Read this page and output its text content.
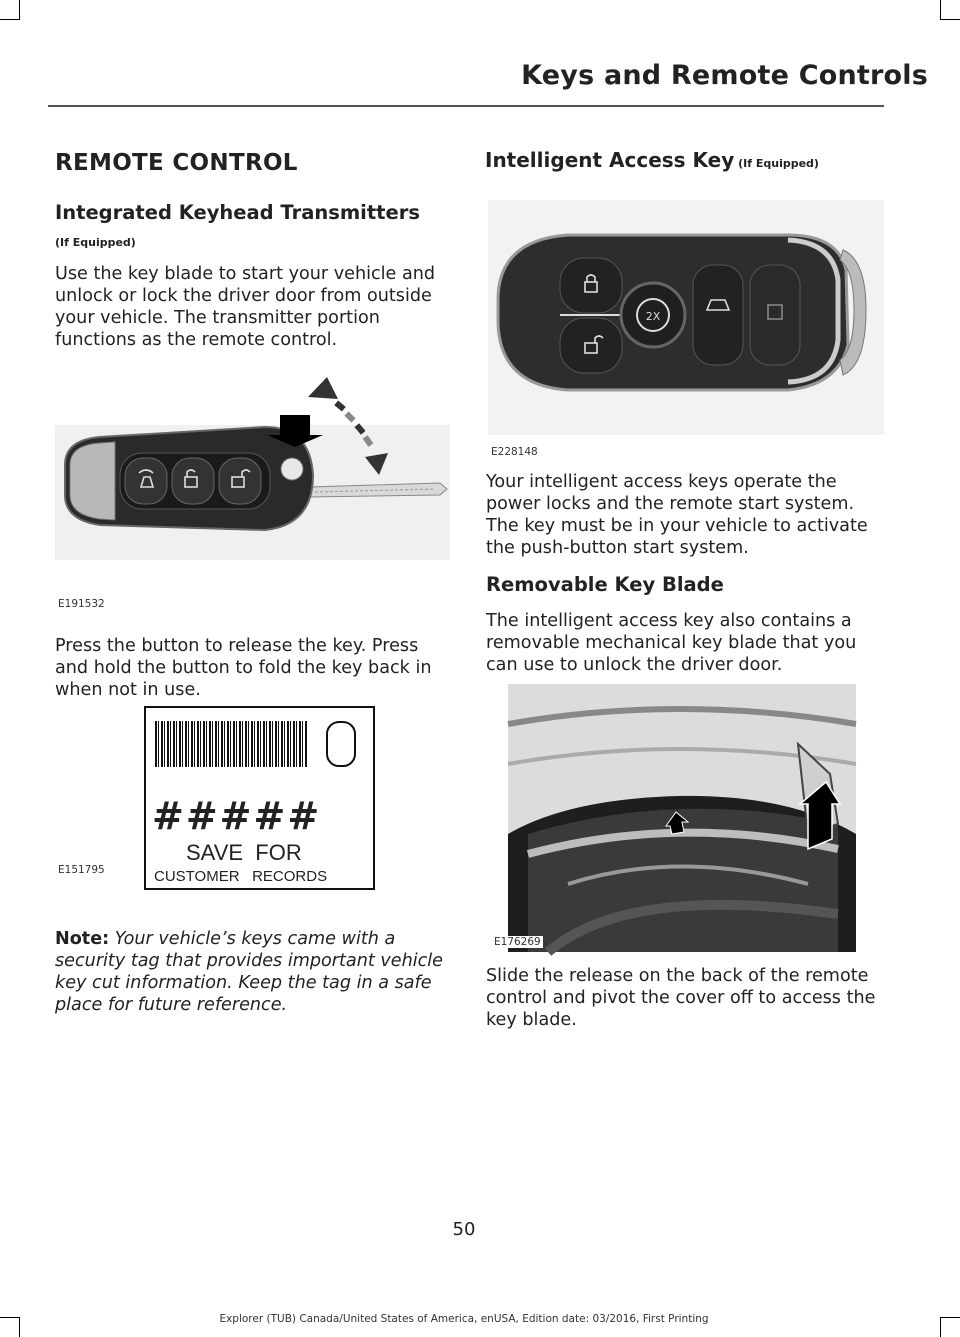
Keys and Remote Controls
REMOTE CONTROL
Integrated Keyhead Transmitters
(If Equipped)

Use the key blade to start your vehicle and unlock or lock the driver door from outside your vehicle. The transmitter portion functions as the remote control.

E191532

Press the button to release the key. Press and hold the button to fold the key back in when not in use.

#####
SAVE  FOR
CUSTOMER   RECORDS
E151795

Note: Your vehicle’s keys came with a security tag that provides important vehicle key cut information. Keep the tag in a safe place for future reference.

Intelligent Access Key (If Equipped)
2X
E228148

Your intelligent access keys operate the power locks and the remote start system. The key must be in your vehicle to activate the push-button start system.

Removable Key Blade

The intelligent access key also contains a removable mechanical key blade that you can use to unlock the driver door.

E176269

Slide the release on the back of the remote control and pivot the cover off to access the key blade.

50
Explorer (TUB) Canada/United States of America, enUSA, Edition date: 03/2016, First Printing
